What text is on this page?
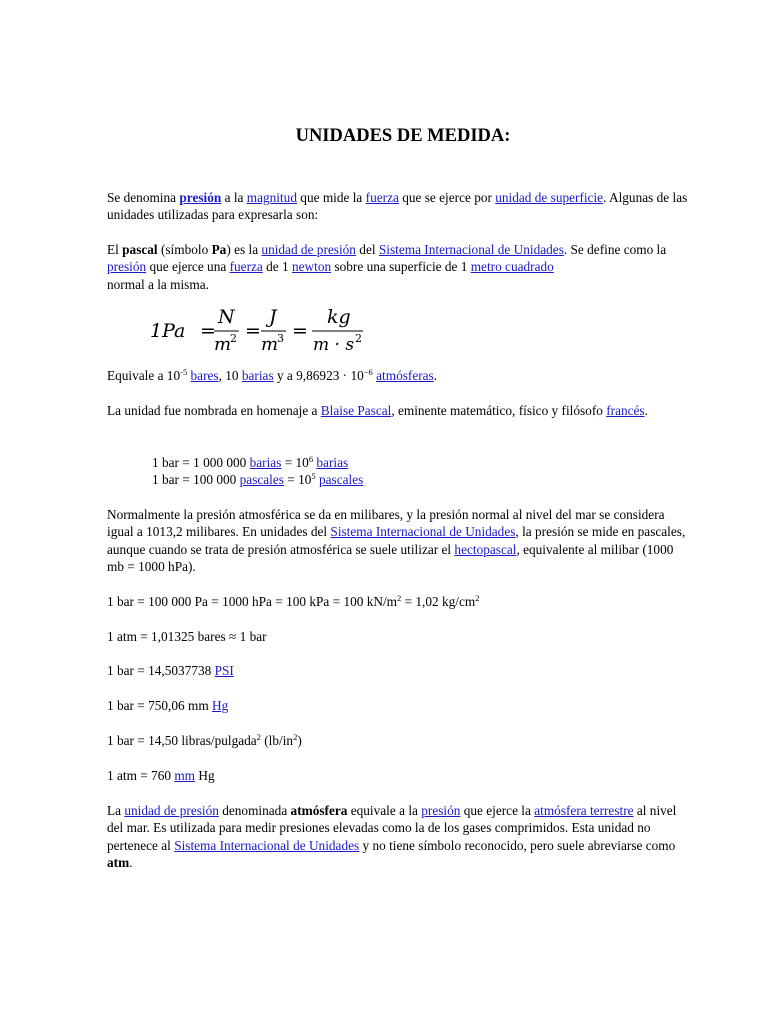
UNIDADES DE MEDIDA:

Se denomina presión a la magnitud que mide la fuerza que se ejerce por unidad de superficie. Algunas de las unidades utilizadas para expresarla son:

El pascal (símbolo Pa) es la unidad de presión del Sistema Internacional de Unidades. Se define como la presión que ejerce una fuerza de 1 newton sobre una superficie de 1 metro cuadrado
normal a la misma.

1Pa =
N
m
2 =
J
m
3 =
kg
m · s 2

Equivale a $10^{-5}$ bares, 10 barias y a $9,86923 \cdot 10^{-6}$ atmósferas.

La unidad fue nombrada en homenaje a Blaise Pascal, eminente matemático, físico y filósofo francés.

1 bar = 1 000 000 barias = $10^6$ barias
1 bar = 100 000 pascales = $10^5$ pascales

Normalmente la presión atmosférica se da en milibares, y la presión normal al nivel del mar se considera igual a 1013,2 milibares. En unidades del Sistema Internacional de Unidades, la presión se mide en pascales, aunque cuando se trata de presión atmosférica se suele utilizar el hectopascal, equivalente al milibar (1000 mb = 1000 hPa).

1 bar = 100 000 Pa = 1000 hPa = 100 kPa = 100 $kN/m^2 = 1,02$ $kg/cm^2$

1 atm = 1,01325 bares ≈ 1 bar

1 bar = 14,5037738 PSI

1 bar = 750,06 mm Hg

1 bar = 14,50 libras/pulgada$^2$ $(lb/in^2)$

1 atm = 760 mm Hg

La unidad de presión denominada atmósfera equivale a la presión que ejerce la atmósfera terrestre al nivel del mar. Es utilizada para medir presiones elevadas como la de los gases comprimidos. Esta unidad no pertenece al Sistema Internacional de Unidades y no tiene símbolo reconocido, pero suele abreviarse como atm.
